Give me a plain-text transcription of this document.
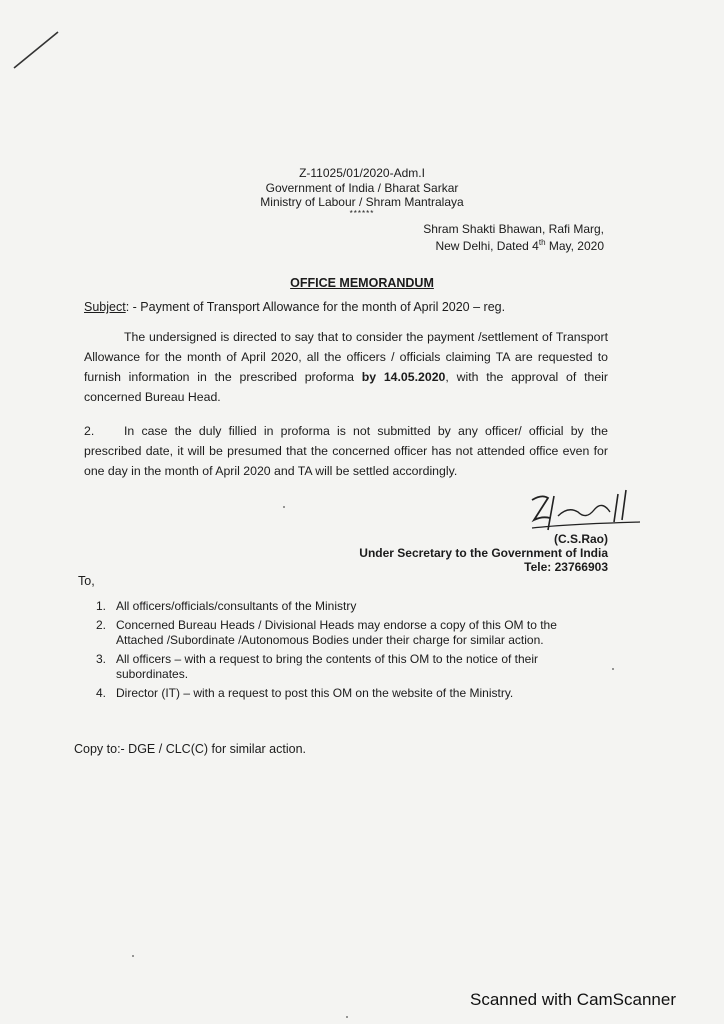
Z-11025/01/2020-Adm.I
Government of India / Bharat Sarkar
Ministry of Labour / Shram Mantralaya
******
Shram Shakti Bhawan, Rafi Marg,
New Delhi, Dated 4th May, 2020
OFFICE MEMORANDUM
Subject: - Payment of Transport Allowance for the month of April 2020 – reg.
The undersigned is directed to say that to consider the payment /settlement of Transport Allowance for the month of April 2020, all the officers / officials claiming TA are requested to furnish information in the prescribed proforma by 14.05.2020, with the approval of their concerned Bureau Head.
2. In case the duly fillied in proforma is not submitted by any officer/ official by the prescribed date, it will be presumed that the concerned officer has not attended office even for one day in the month of April 2020 and TA will be settled accordingly.
(C.S.Rao)
Under Secretary to the Government of India
Tele: 23766903
To,
1. All officers/officials/consultants of the Ministry
2. Concerned Bureau Heads / Divisional Heads may endorse a copy of this OM to the Attached /Subordinate /Autonomous Bodies under their charge for similar action.
3. All officers – with a request to bring the contents of this OM to the notice of their subordinates.
4. Director (IT) – with a request to post this OM on the website of the Ministry.
Copy to:- DGE / CLC(C) for similar action.
Scanned with CamScanner
